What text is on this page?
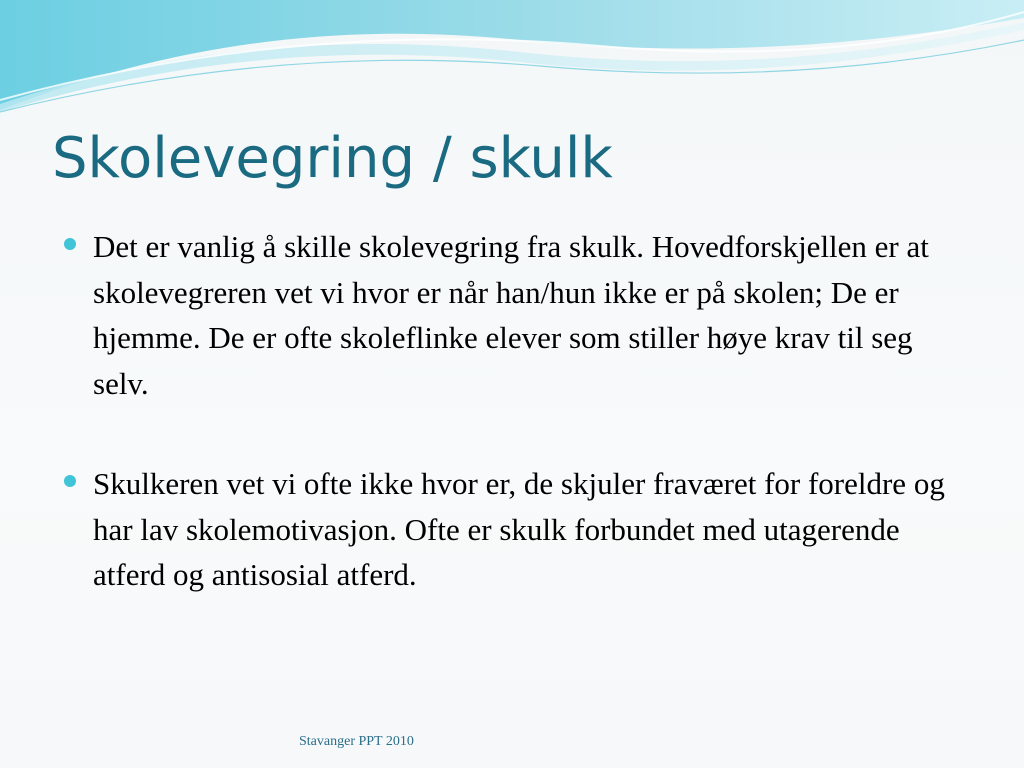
Skolevegring / skulk
Det er vanlig å skille skolevegring fra skulk. Hovedforskjellen er at skolevegreren vet vi hvor er når han/hun ikke er på skolen; De er hjemme. De er ofte skoleflinke elever som stiller høye krav til seg selv.
Skulkeren vet vi ofte ikke hvor er, de skjuler fraværet for foreldre og har lav skolemotivasjon. Ofte er skulk forbundet med utagerende atferd og antisosial atferd.
Stavanger PPT 2010
